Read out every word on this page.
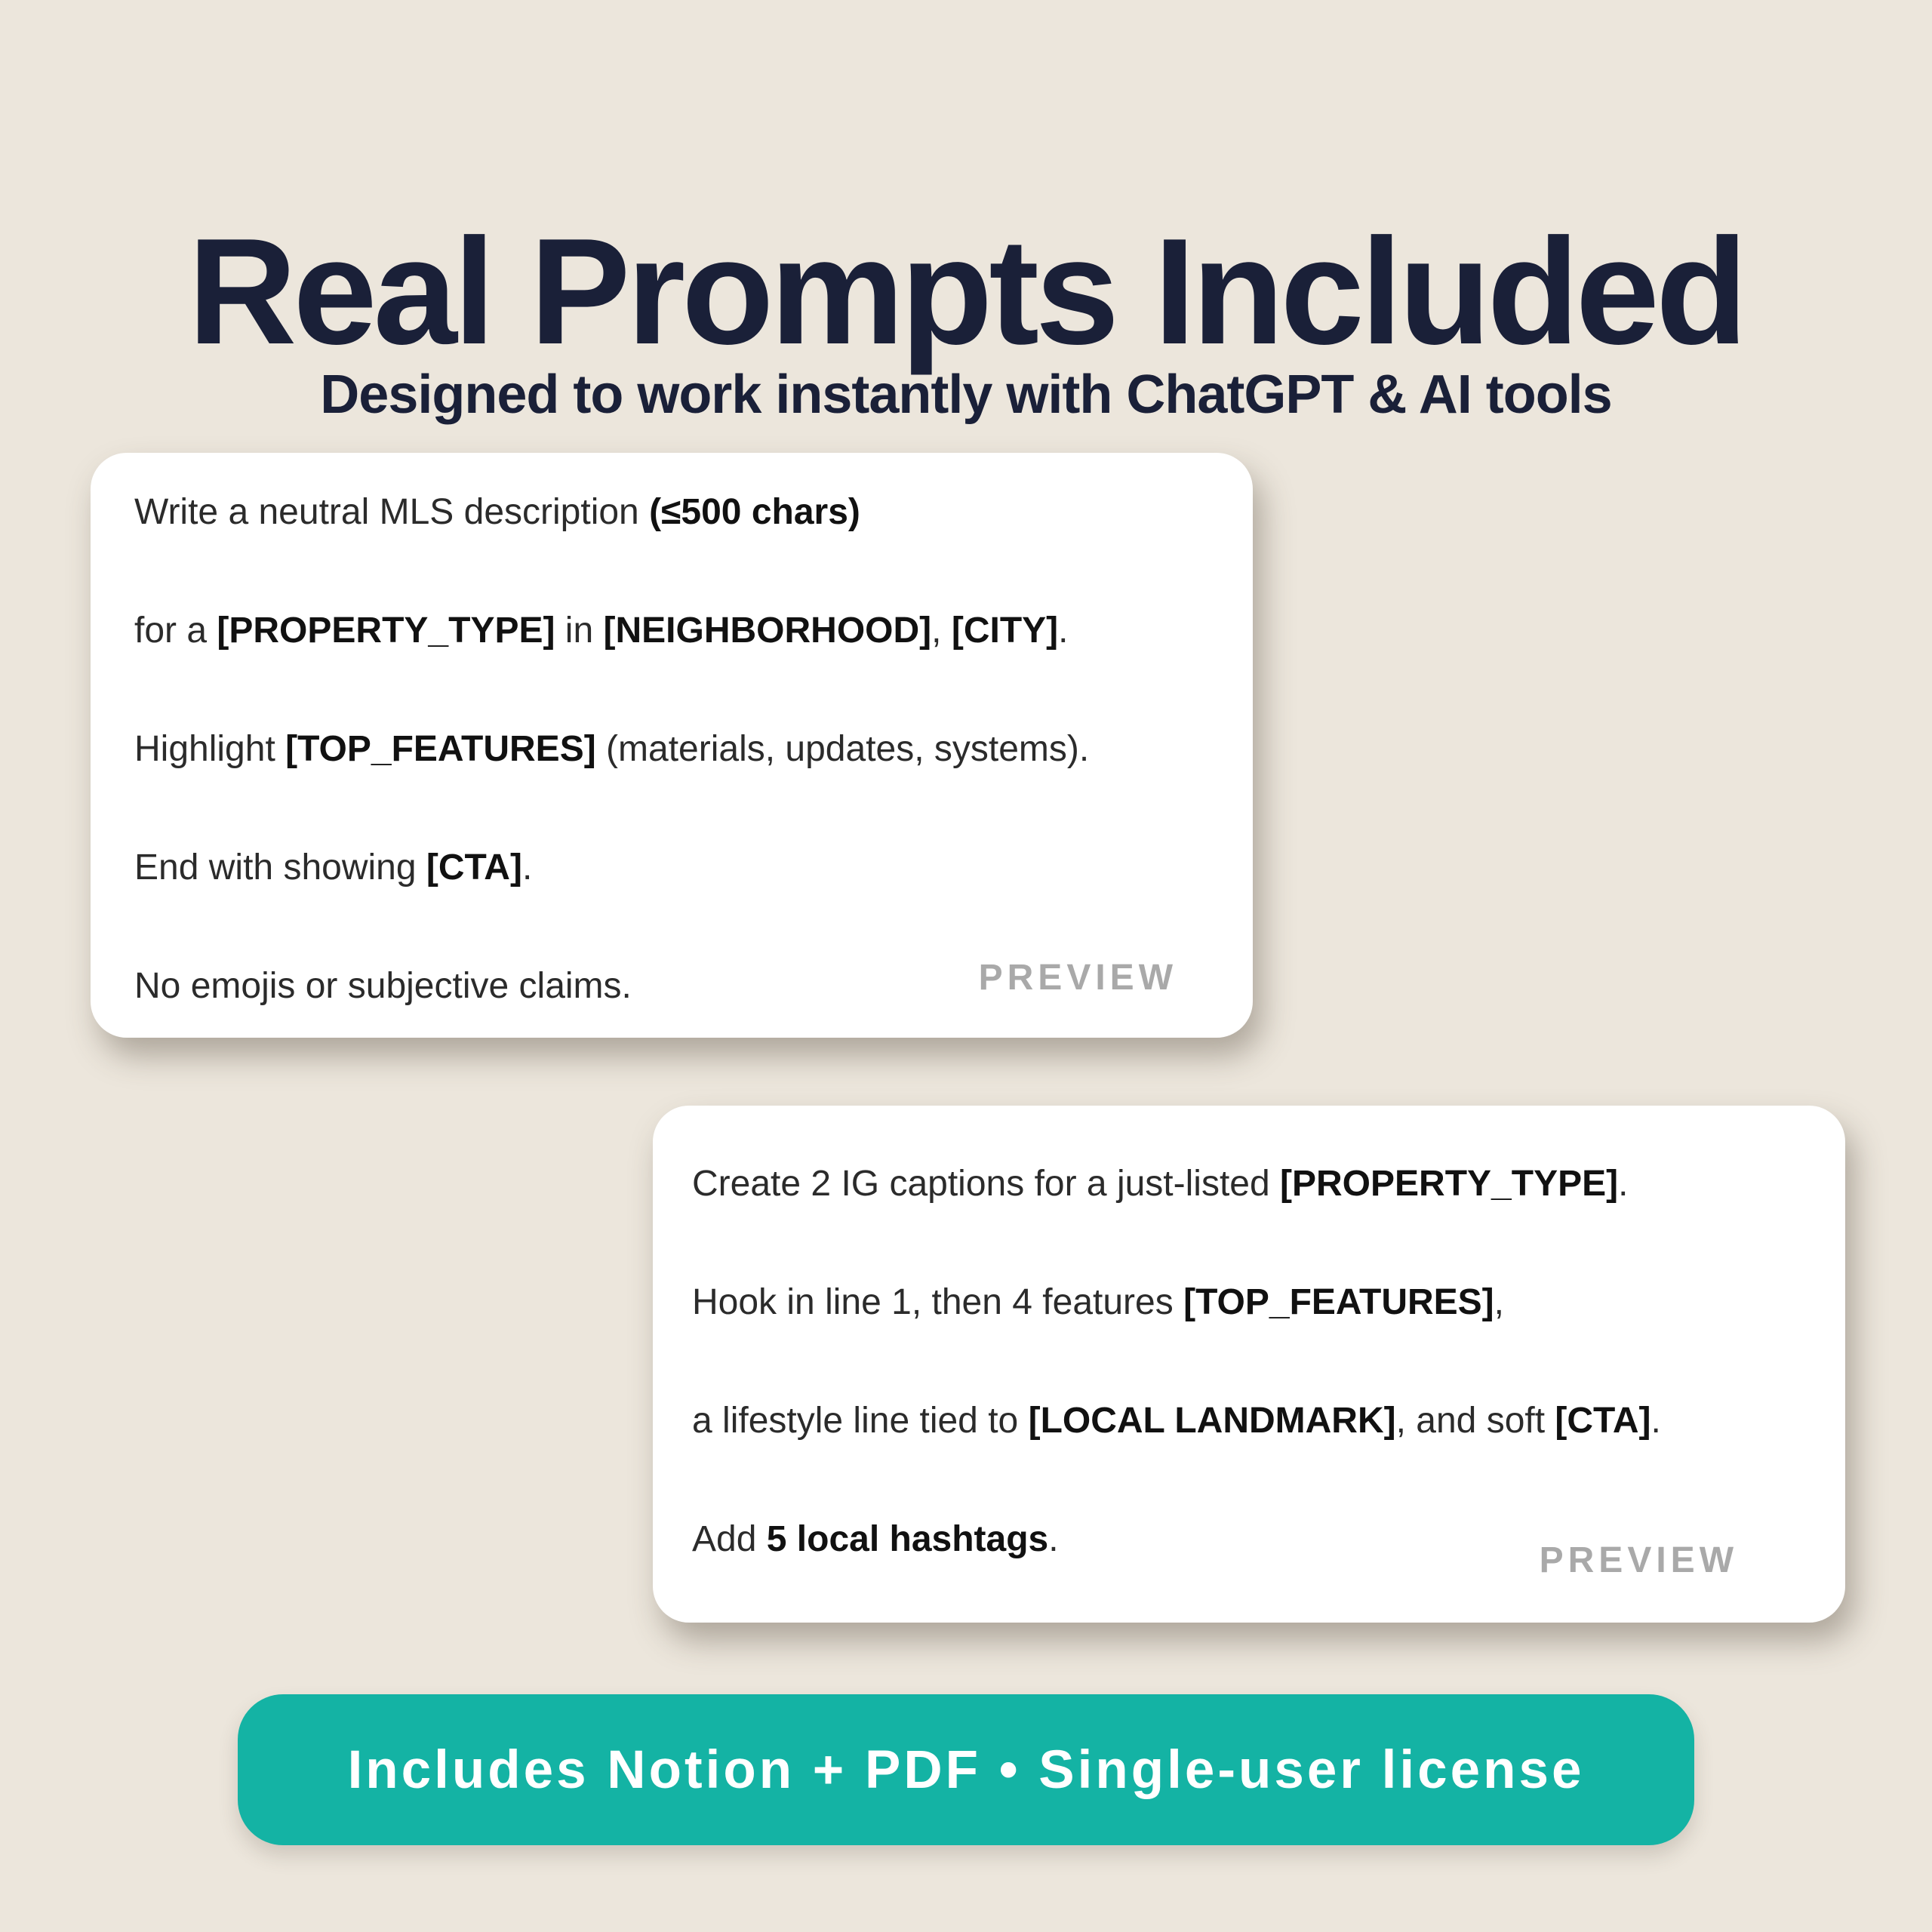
Real Prompts Included
Designed to work instantly with ChatGPT & AI tools

Write a neutral MLS description (≤500 chars)

for a [PROPERTY_TYPE] in [NEIGHBORHOOD], [CITY].

Highlight [TOP_FEATURES] (materials, updates, systems).

End with showing [CTA].

No emojis or subjective claims.	PREVIEW

Create 2 IG captions for a just-listed [PROPERTY_TYPE].

Hook in line 1, then 4 features [TOP_FEATURES],

a lifestyle line tied to [LOCAL LANDMARK], and soft [CTA].

Add 5 local hashtags.

PREVIEW
Includes Notion + PDF • Single-user license
